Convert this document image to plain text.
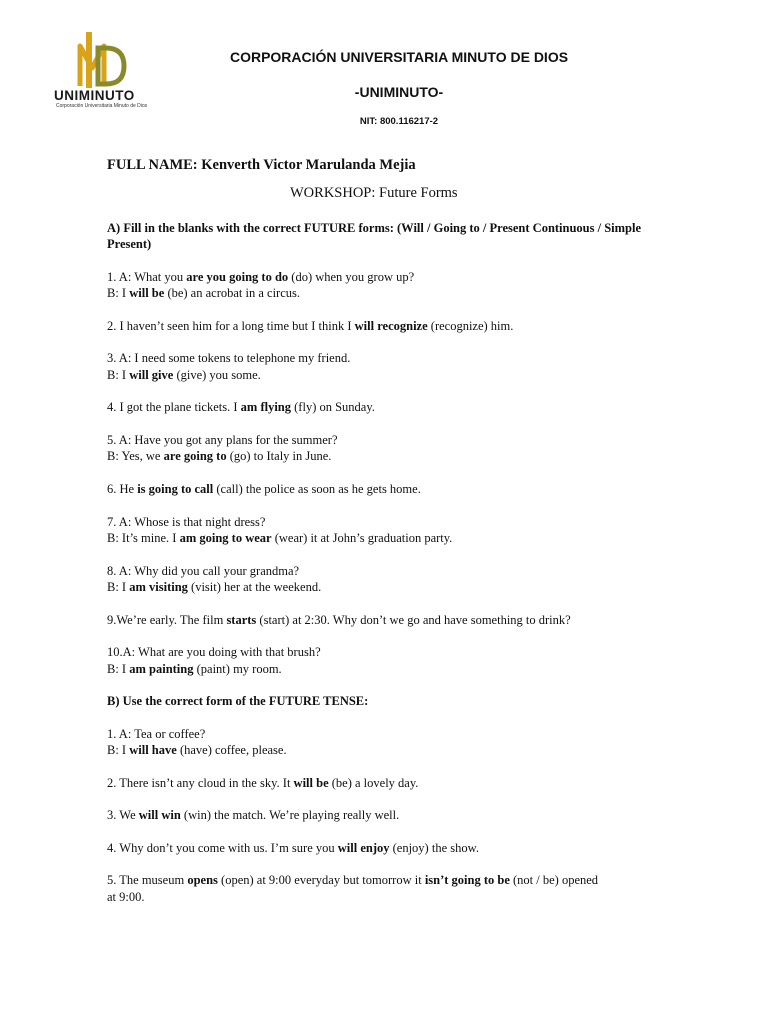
UNIMINUTO
Corporación Universitaria Minuto de Dios
CORPORACIÓN UNIVERSITARIA MINUTO DE DIOS
-UNIMINUTO-
NIT: 800.116217-2
FULL NAME: Kenverth Victor Marulanda Mejia
WORKSHOP: Future Forms
A) Fill in the blanks with the correct FUTURE forms: (Will / Going to / Present Continuous / Simple Present)
1. A: What you are you going to do (do) when you grow up?
B: I will be (be) an acrobat in a circus.
2. I haven’t seen him for a long time but I think I will recognize (recognize) him.
3. A: I need some tokens to telephone my friend.
B: I will give (give) you some.
4. I got the plane tickets. I am flying (fly) on Sunday.
5. A: Have you got any plans for the summer?
B: Yes, we are going to (go) to Italy in June.
6. He is going to call (call) the police as soon as he gets home.
7. A: Whose is that night dress?
B: It’s mine. I am going to wear (wear) it at John’s graduation party.
8. A: Why did you call your grandma?
B: I am visiting (visit) her at the weekend.
9.We’re early. The film starts (start) at 2:30. Why don’t we go and have something to drink?
10.A: What are you doing with that brush?
B: I am painting (paint) my room.
B) Use the correct form of the FUTURE TENSE:
1. A: Tea or coffee?
B: I will have (have) coffee, please.
2. There isn’t any cloud in the sky. It will be (be) a lovely day.
3. We will win (win) the match. We’re playing really well.
4. Why don’t you come with us. I’m sure you will enjoy (enjoy) the show.
5. The museum opens (open) at 9:00 everyday but tomorrow it isn’t going to be (not / be) opened
at 9:00.
